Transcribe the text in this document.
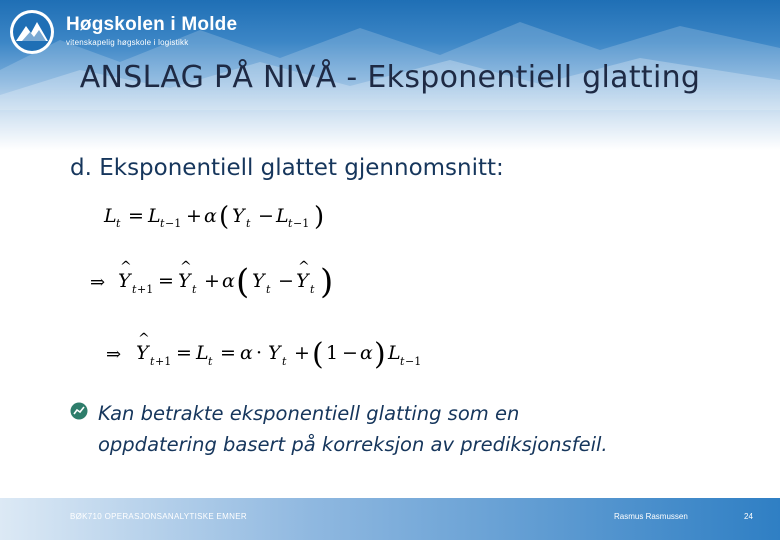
Høgskolen i Molde
vitenskapelig høgskole i logistikk
ANSLAG PÅ NIVÅ - Eksponentiell glatting
d. Eksponentiell glattet gjennomsnitt:
L t = L t −1 + α ( Y t − L t −1 )
⇒ Y
^
t +1 = Y
^
t + α ( Y t − Y
^
t )
⇒ Y
^
t +1 = L t = α · Y t + ( 1 − α ) L t −1
Kan betrakte eksponentiell glatting som en
oppdatering basert på korreksjon av prediksjonsfeil.
BØK710 OPERASJONSANALYTISKE EMNER	Rasmus Rasmussen	24
